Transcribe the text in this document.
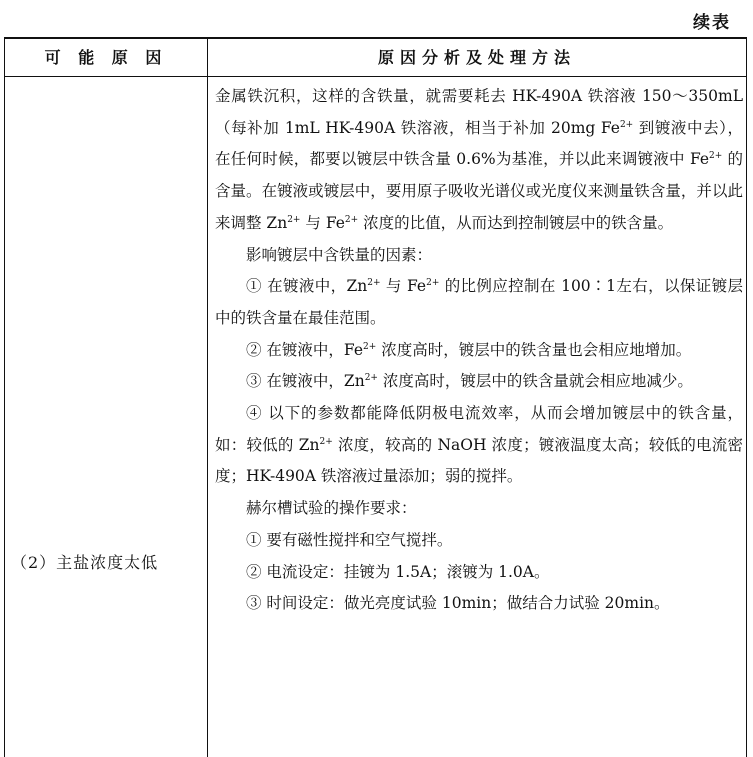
续表
可 能 原 因	原因分析及处理方法
（2）主盐浓度太低

金属铁沉积，这样的含铁量，就需要耗去 HK-490A 铁溶液 150～350mL（每补加 1mL HK-490A 铁溶液，相当于补加 20mg $Fe^{2+}$ 到镀液中去），在任何时候，都要以镀层中铁含量 0.6%为基准，并以此来调镀液中 $Fe^{2+}$ 的含量。在镀液或镀层中，要用原子吸收光谱仪或光度仪来测量铁含量，并以此来调整 $Zn^{2+}$ 与 $Fe^{2+}$ 浓度的比值，从而达到控制镀层中的铁含量。

影响镀层中含铁量的因素：

① 在镀液中，$Zn^{2+}$ 与 $Fe^{2+}$ 的比例应控制在 100∶1左右，以保证镀层中的铁含量在最佳范围。

② 在镀液中，$Fe^{2+}$ 浓度高时，镀层中的铁含量也会相应地增加。

③ 在镀液中，$Zn^{2+}$ 浓度高时，镀层中的铁含量就会相应地减少。

④ 以下的参数都能降低阴极电流效率，从而会增加镀层中的铁含量，如：较低的 $Zn^{2+}$ 浓度，较高的 NaOH 浓度；镀液温度太高；较低的电流密度；HK-490A 铁溶液过量添加；弱的搅拌。

赫尔槽试验的操作要求：

① 要有磁性搅拌和空气搅拌。

② 电流设定：挂镀为 1.5A；滚镀为 1.0A。

③ 时间设定：做光亮度试验 10min；做结合力试验 20min。
